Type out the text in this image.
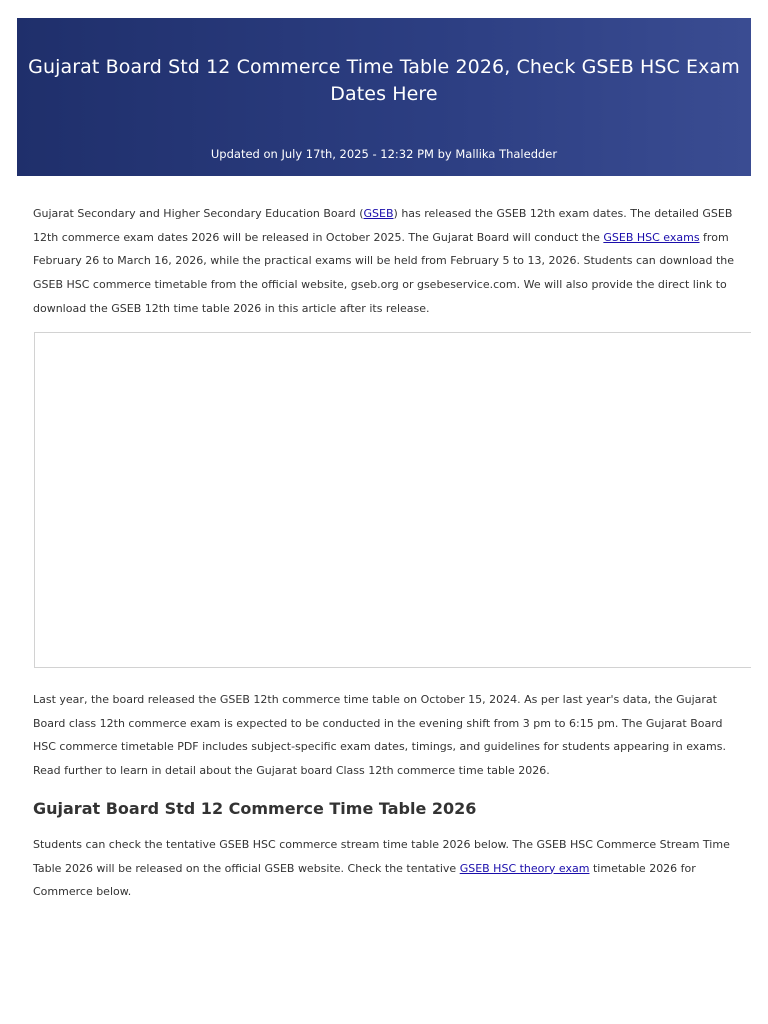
Gujarat Board Std 12 Commerce Time Table 2026, Check GSEB HSC Exam Dates Here
Updated on July 17th, 2025 - 12:32 PM by Mallika Thaledder

Gujarat Secondary and Higher Secondary Education Board (GSEB) has released the GSEB 12th exam dates. The detailed GSEB 12th commerce exam dates 2026 will be released in October 2025. The Gujarat Board will conduct the GSEB HSC exams from February 26 to March 16, 2026, while the practical exams will be held from February 5 to 13, 2026. Students can download the GSEB HSC commerce timetable from the official website, gseb.org or gsebeservice.com. We will also provide the direct link to download the GSEB 12th time table 2026 in this article after its release.

Last year, the board released the GSEB 12th commerce time table on October 15, 2024. As per last year's data, the Gujarat Board class 12th commerce exam is expected to be conducted in the evening shift from 3 pm to 6:15 pm. The Gujarat Board HSC commerce timetable PDF includes subject-specific exam dates, timings, and guidelines for students appearing in exams. Read further to learn in detail about the Gujarat board Class 12th commerce time table 2026.

Gujarat Board Std 12 Commerce Time Table 2026

Students can check the tentative GSEB HSC commerce stream time table 2026 below. The GSEB HSC Commerce Stream Time Table 2026 will be released on the official GSEB website. Check the tentative GSEB HSC theory exam timetable 2026 for Commerce below.
